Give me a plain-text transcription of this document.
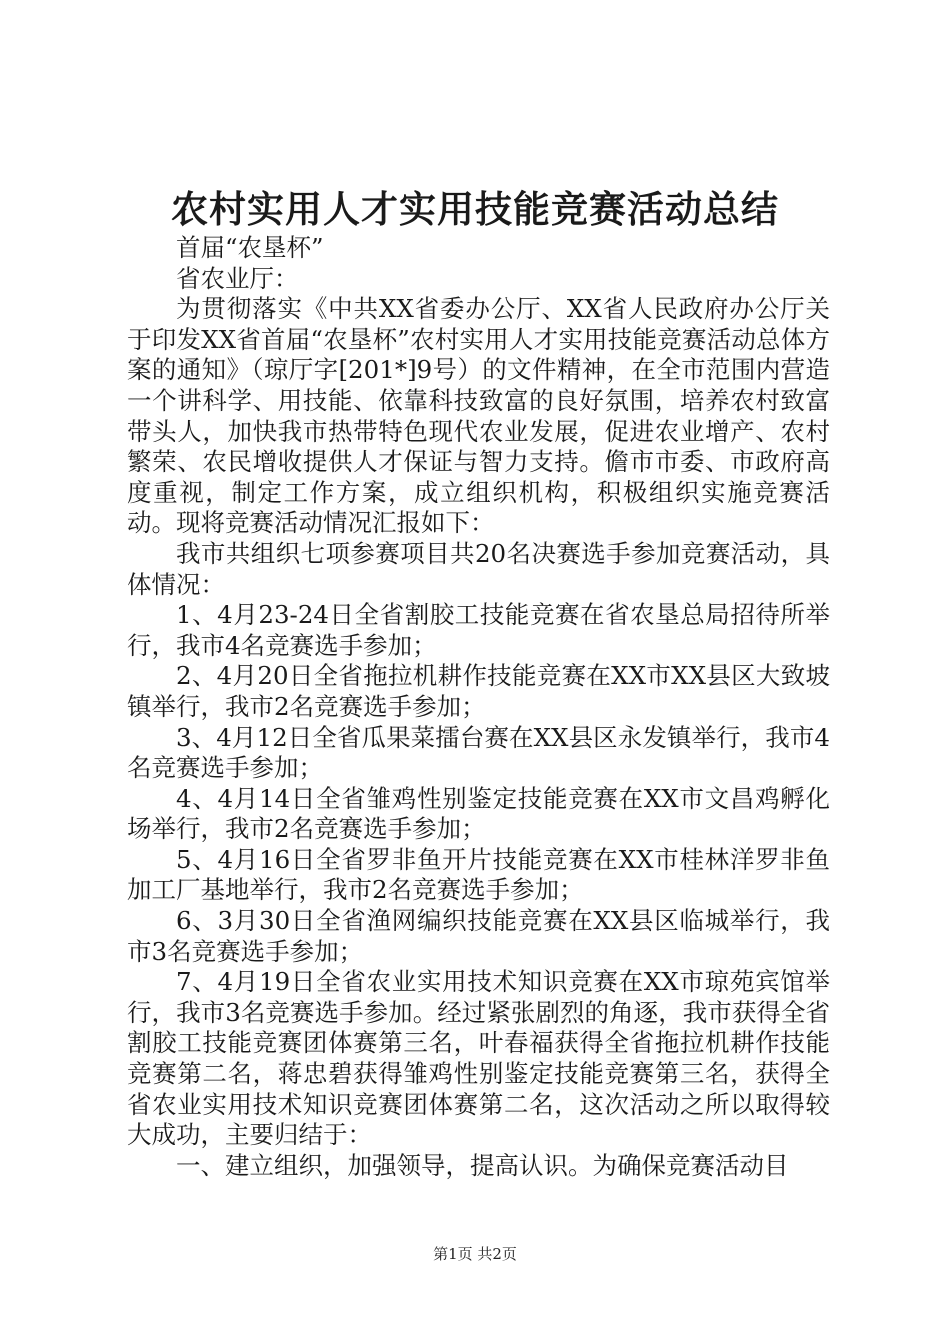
农村实用人才实用技能竞赛活动总结

首届“农垦杯”

省农业厅：

为贯彻落实《中共XX省委办公厅、XX省人民政府办公厅关于印发XX省首届“农垦杯”农村实用人才实用技能竞赛活动总体方案的通知》（琼厅字[201*]9号）的文件精神，在全市范围内营造一个讲科学、用技能、依靠科技致富的良好氛围，培养农村致富带头人，加快我市热带特色现代农业发展，促进农业增产、农村繁荣、农民增收提供人才保证与智力支持。儋市市委、市政府高度重视，制定工作方案，成立组织机构，积极组织实施竞赛活动。现将竞赛活动情况汇报如下：

我市共组织七项参赛项目共20名决赛选手参加竞赛活动，具体情况：

1、4月23-24日全省割胶工技能竞赛在省农垦总局招待所举行，我市4名竞赛选手参加；

2、4月20日全省拖拉机耕作技能竞赛在XX市XX县区大致坡镇举行，我市2名竞赛选手参加；

3、4月12日全省瓜果菜擂台赛在XX县区永发镇举行，我市4名竞赛选手参加；

4、4月14日全省雏鸡性别鉴定技能竞赛在XX市文昌鸡孵化场举行，我市2名竞赛选手参加；

5、4月16日全省罗非鱼开片技能竞赛在XX市桂林洋罗非鱼加工厂基地举行，我市2名竞赛选手参加；

6、3月30日全省渔网编织技能竞赛在XX县区临城举行，我市3名竞赛选手参加；

7、4月19日全省农业实用技术知识竞赛在XX市琼苑宾馆举行，我市3名竞赛选手参加。经过紧张剧烈的角逐，我市获得全省割胶工技能竞赛团体赛第三名，叶春福获得全省拖拉机耕作技能竞赛第二名，蒋忠碧获得雏鸡性别鉴定技能竞赛第三名，获得全省农业实用技术知识竞赛团体赛第二名，这次活动之所以取得较大成功，主要归结于：

一、建立组织，加强领导，提高认识。为确保竞赛活动目

第1页 共2页
